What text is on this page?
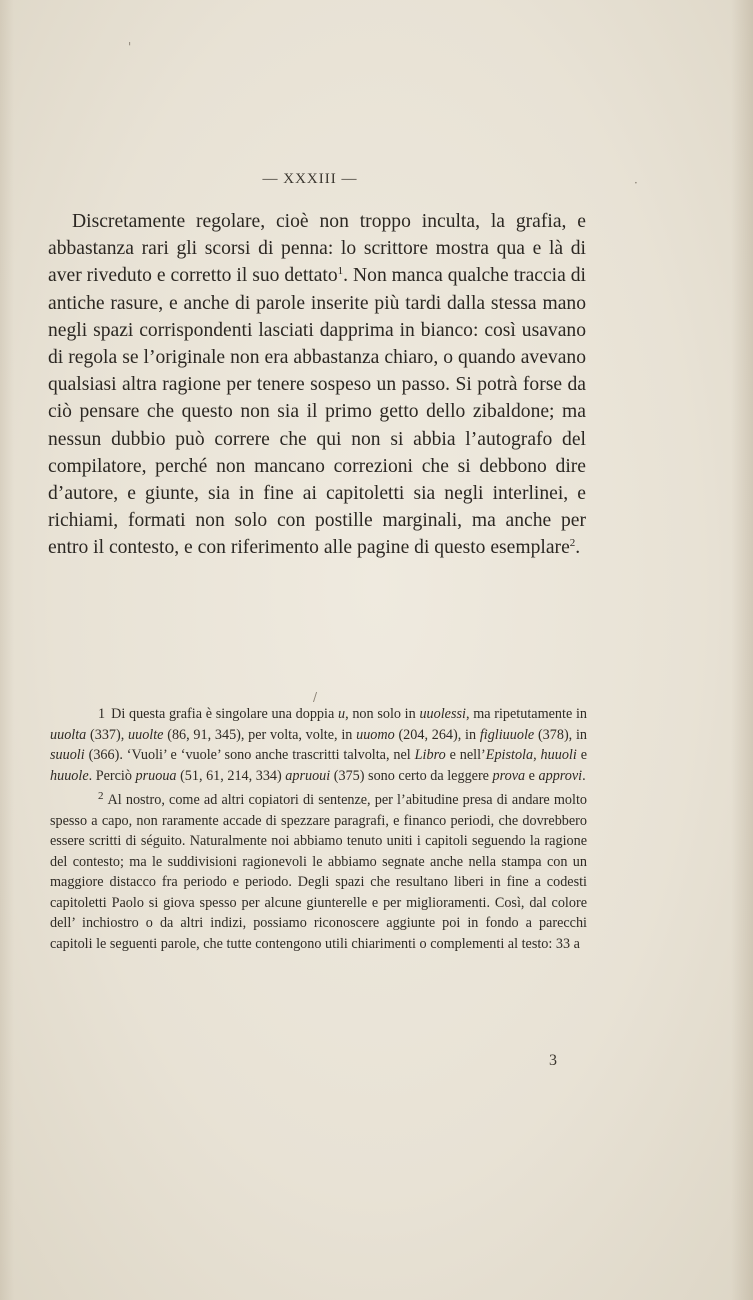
'
·
/
— XXXIII —

Discretamente regolare, cioè non troppo inculta, la grafia, e abbastanza rari gli scorsi di penna: lo scrittore mostra qua e là di aver riveduto e corretto il suo dettato$^1$. Non manca qualche traccia di antiche rasure, e anche di parole inserite più tardi dalla stessa mano negli spazi corrispondenti lasciati dapprima in bianco: così usavano di regola se l’originale non era abbastanza chiaro, o quando avevano qualsiasi altra ragione per tenere sospeso un passo. Si potrà forse da ciò pensare che questo non sia il primo getto dello zibaldone; ma nessun dubbio può correre che qui non si abbia l’autografo del compilatore, perché non mancano correzioni che si debbono dire d’autore, e giunte, sia in fine ai capitoletti sia negli interlinei, e richiami, formati non solo con postille marginali, ma anche per entro il contesto, e con riferimento alle pagine di questo esemplare$^2$.

1 Di questa grafia è singolare una doppia u, non solo in uuolessi, ma ripetutamente in uuolta (337), uuolte (86, 91, 345), per volta, volte, in uuomo (204, 264), in figliuuole (378), in suuoli (366). ‘Vuoli’ e ‘vuole’ sono anche trascritti talvolta, nel Libro e nell’Epistola, huuoli e huuole. Perciò pruoua (51, 61, 214, 334) apruoui (375) sono certo da leggere prova e approvi.

2 Al nostro, come ad altri copiatori di sentenze, per l’abitudine presa di andare molto spesso a capo, non raramente accade di spezzare paragrafi, e financo periodi, che dovrebbero essere scritti di séguito. Naturalmente noi abbiamo tenuto uniti i capitoli seguendo la ragione del contesto; ma le suddivisioni ragionevoli le abbiamo segnate anche nella stampa con un maggiore distacco fra periodo e periodo. Degli spazi che resultano liberi in fine a codesti capitoletti Paolo si giova spesso per alcune giunterelle e per miglioramenti. Così, dal colore dell’ inchiostro o da altri indizi, possiamo riconoscere aggiunte poi in fondo a parecchi capitoli le seguenti parole, che tutte contengono utili chiarimenti o complementi al testo: 33 a

3
